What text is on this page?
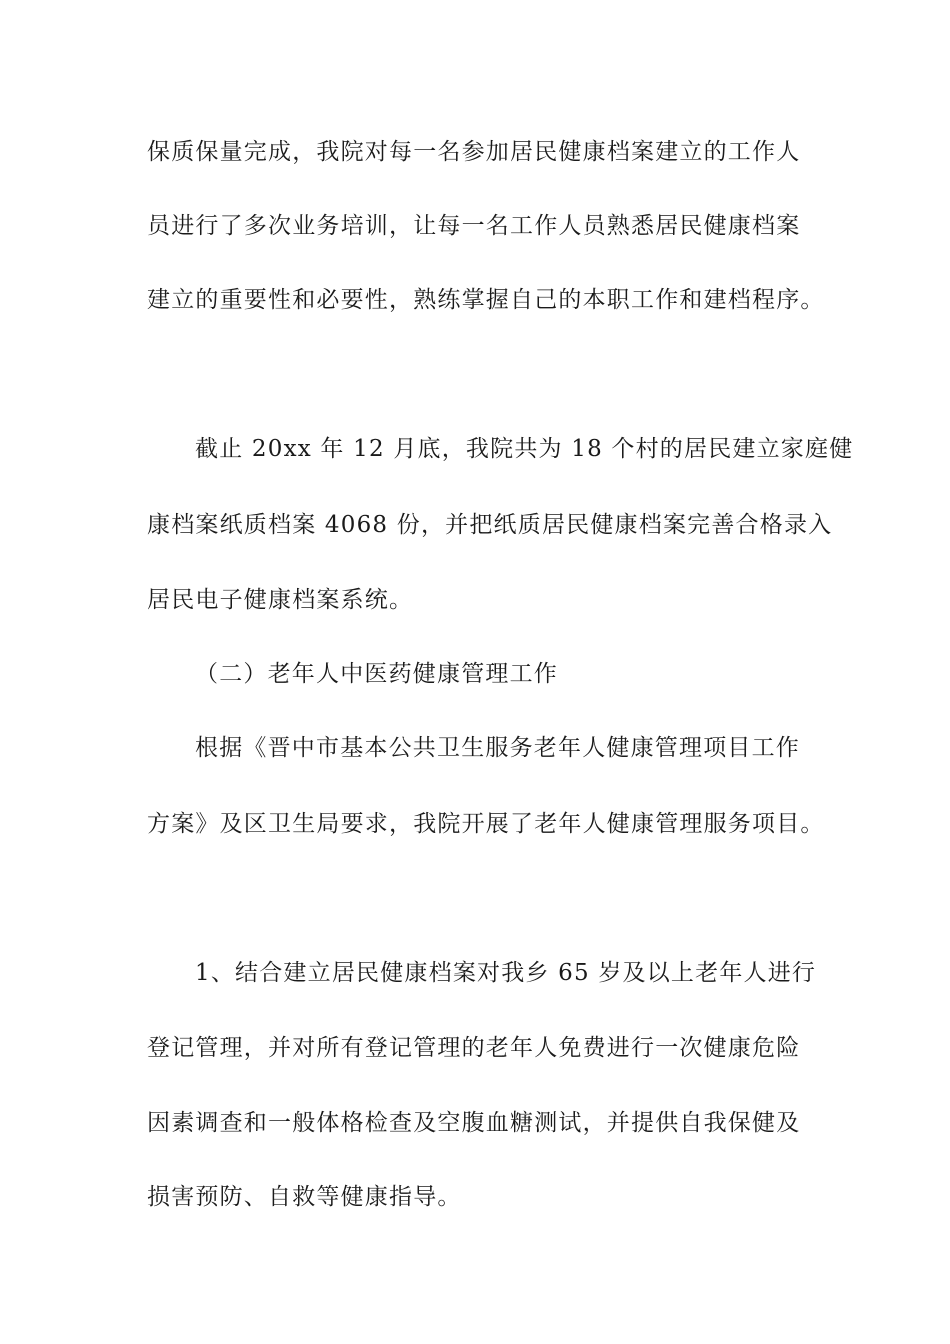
保质保量完成，我院对每一名参加居民健康档案建立的工作人
员进行了多次业务培训，让每一名工作人员熟悉居民健康档案
建立的重要性和必要性，熟练掌握自己的本职工作和建档程序。
截止 20xx 年 12 月底，我院共为 18 个村的居民建立家庭健
康档案纸质档案 4068 份，并把纸质居民健康档案完善合格录入
居民电子健康档案系统。
（二）老年人中医药健康管理工作
根据《晋中市基本公共卫生服务老年人健康管理项目工作
方案》及区卫生局要求，我院开展了老年人健康管理服务项目。
1、结合建立居民健康档案对我乡 65 岁及以上老年人进行
登记管理，并对所有登记管理的老年人免费进行一次健康危险
因素调查和一般体格检查及空腹血糖测试，并提供自我保健及
损害预防、自救等健康指导。
